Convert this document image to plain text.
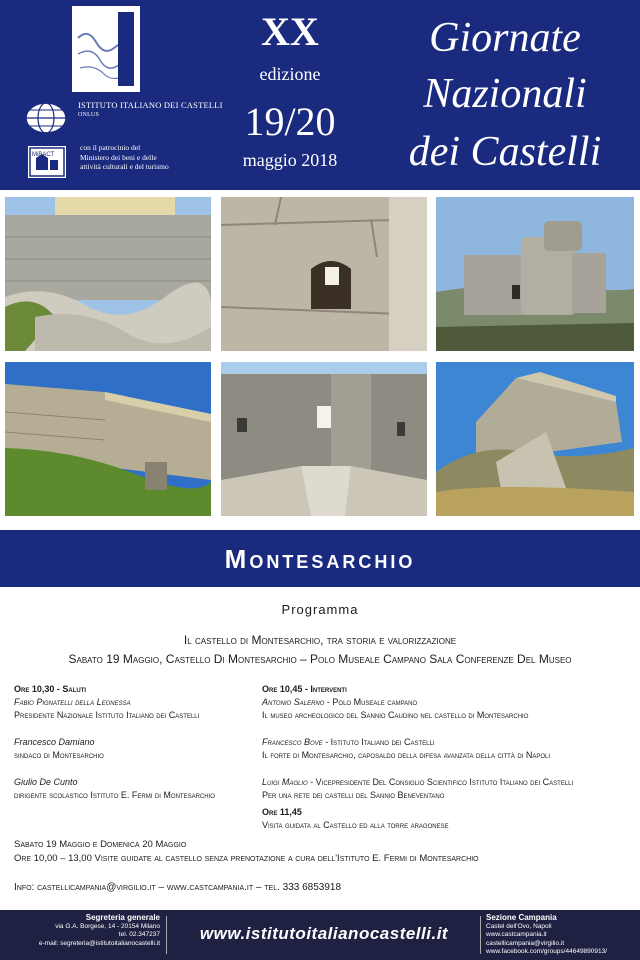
ISTITUTO ITALIANO DEI CASTELLI
ONLUS
MiBACT
con il patrocinio del
Ministero dei beni e delle
attività culturali e del turismo
XX
edizione
19/20
maggio 2018
Giornate
Nazionali
dei Castelli
Montesarchio
Programma
Il castello di Montesarchio, tra storia e valorizzazione
Sabato 19 Maggio, Castello Di Montesarchio – Polo Museale Campano Sala Conferenze Del Museo
Ore 10,30 - Saluti
Fabio Pignatelli della Leonessa
Presidente Nazionale Istituto Italiano dei Castelli
Francesco Damiano
sindaco di Montesarchio
Giulio De Cunto
dirigente scolastico Istituto E. Fermi di Montesarchio
Ore 10,45 - Interventi
Antonio Salerno - Polo Museale campano
Il museo archeologico del Sannio Caudino nel castello di Montesarchio
Francesco Bove - Istituto Italiano dei Castelli
Il forte di Montesarchio, caposaldo della difesa avanzata della città di Napoli
Luigi Maglio - Vicepresidente Del Consiglio Scientifico Istituto Italiano dei Castelli
Per una rete dei castelli del Sannio Beneventano
Ore 11,45
Visita guidata al Castello ed alla torre aragonese
Sabato 19 Maggio e Domenica 20 Maggio
Ore 10,00 – 13,00 Visite guidate al castello senza prenotazione a cura dell'Istituto E. Fermi di Montesarchio
Info: castellicampania@virgilio.it – www.castcampania.it – tel. 333 6853918
Segreteria generale
via G.A. Borgese, 14 - 20154 Milano
tel. 02.347237
e-mail: segreteria@istitutoitalianocastelli.it	www.istitutoitalianocastelli.it
Sezione Campania
Castel dell'Ovo, Napoli
www.castcampania.it
castellicampania@virgilio.it
www.facebook.com/groups/44649890913/
